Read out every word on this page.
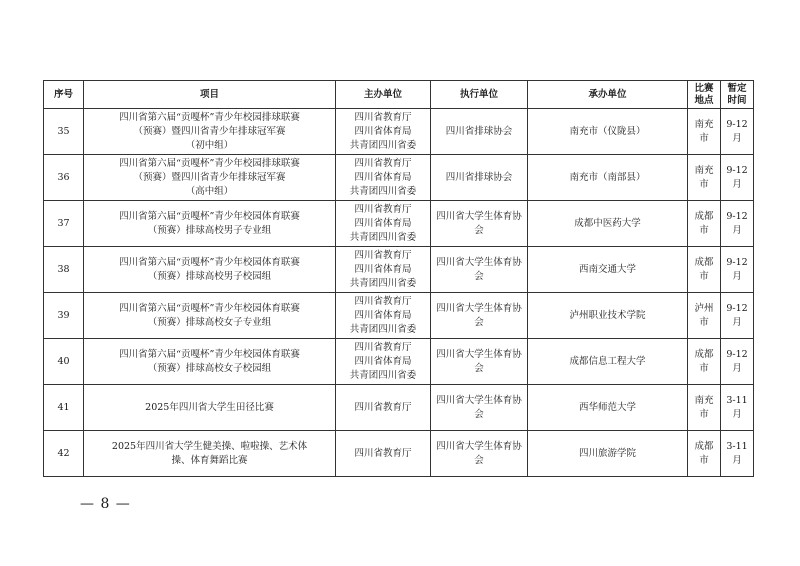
序号	项目	主办单位	执行单位	承办单位	比赛地点	暂定时间
35	四川省第六届“贡嘎杯”青少年校园排球联赛
（预赛）暨四川省青少年排球冠军赛
（初中组）	四川省教育厅
四川省体育局
共青团四川省委	四川省排球协会	南充市（仪陇县）	南充市	9-12月
36	四川省第六届“贡嘎杯”青少年校园排球联赛
（预赛）暨四川省青少年排球冠军赛
（高中组）	四川省教育厅
四川省体育局
共青团四川省委	四川省排球协会	南充市（南部县）	南充市	9-12月
37	四川省第六届“贡嘎杯”青少年校园体育联赛
（预赛）排球高校男子专业组	四川省教育厅
四川省体育局
共青团四川省委	四川省大学生体育协会	成都中医药大学	成都市	9-12月
38	四川省第六届“贡嘎杯”青少年校园体育联赛
（预赛）排球高校男子校园组	四川省教育厅
四川省体育局
共青团四川省委	四川省大学生体育协会	西南交通大学	成都市	9-12月
39	四川省第六届“贡嘎杯”青少年校园体育联赛
（预赛）排球高校女子专业组	四川省教育厅
四川省体育局
共青团四川省委	四川省大学生体育协会	泸州职业技术学院	泸州市	9-12月
40	四川省第六届“贡嘎杯”青少年校园体育联赛
（预赛）排球高校女子校园组	四川省教育厅
四川省体育局
共青团四川省委	四川省大学生体育协会	成都信息工程大学	成都市	9-12月
41	2025年四川省大学生田径比赛	四川省教育厅	四川省大学生体育协会	西华师范大学	南充市	3-11月
42	2025年四川省大学生健美操、啦啦操、艺术体
操、体育舞蹈比赛	四川省教育厅	四川省大学生体育协会	四川旅游学院	成都市	3-11月
— 8 —
